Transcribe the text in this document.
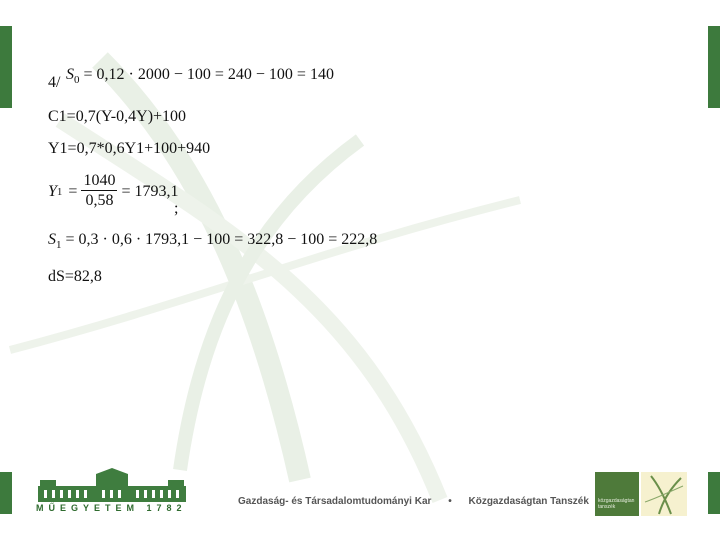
4/ $S_0 = 0,12 \cdot 2000 - 100 = 240 - 100 = 140$
C1=0,7(Y-0,4Y)+100
Y1=0,7*0,6Y1+100+940
Y $1 = \frac{1040}{0,58} = 1793,1$
;
$S_1 = 0,3 \cdot 0,6 \cdot 1793,1 - 100 = 322,8 - 100 = 222,8$
dS=82,8
MŰEGYETEM 1782
Gazdaság- és Társadalomtudományi Kar • Közgazdaságtan Tanszék közgazdaságtan tanszék
